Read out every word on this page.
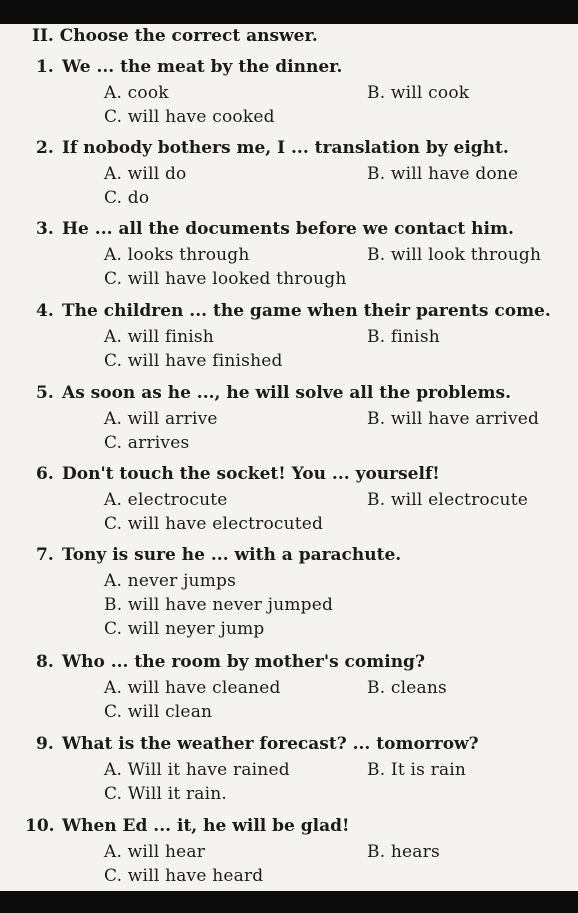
II. Choose the correct answer.
1. We ... the meat by the dinner.
A. cook	B. will cook
C. will have cooked
2. If nobody bothers me, I ... translation by eight.
A. will do	B. will have done
C. do
3. He ... all the documents before we contact him.
A. looks through	B. will look through
C. will have looked through
4. The children ... the game when their parents come.
A. will finish	B. finish
C. will have finished
5. As soon as he ..., he will solve all the problems.
A. will arrive	B. will have arrived
C. arrives
6. Don't touch the socket! You ... yourself!
A. electrocute	B. will electrocute
C. will have electrocuted
7. Tony is sure he ... with a parachute.
A. never jumps
B. will have never jumped
C. will neyer jump
8. Who ... the room by mother's coming?
A. will have cleaned	B. cleans
C. will clean
9. What is the weather forecast? ... tomorrow?
A. Will it have rained	B. It is rain
C. Will it rain.
10. When Ed ... it, he will be glad!
A. will hear	B. hears
C. will have heard
